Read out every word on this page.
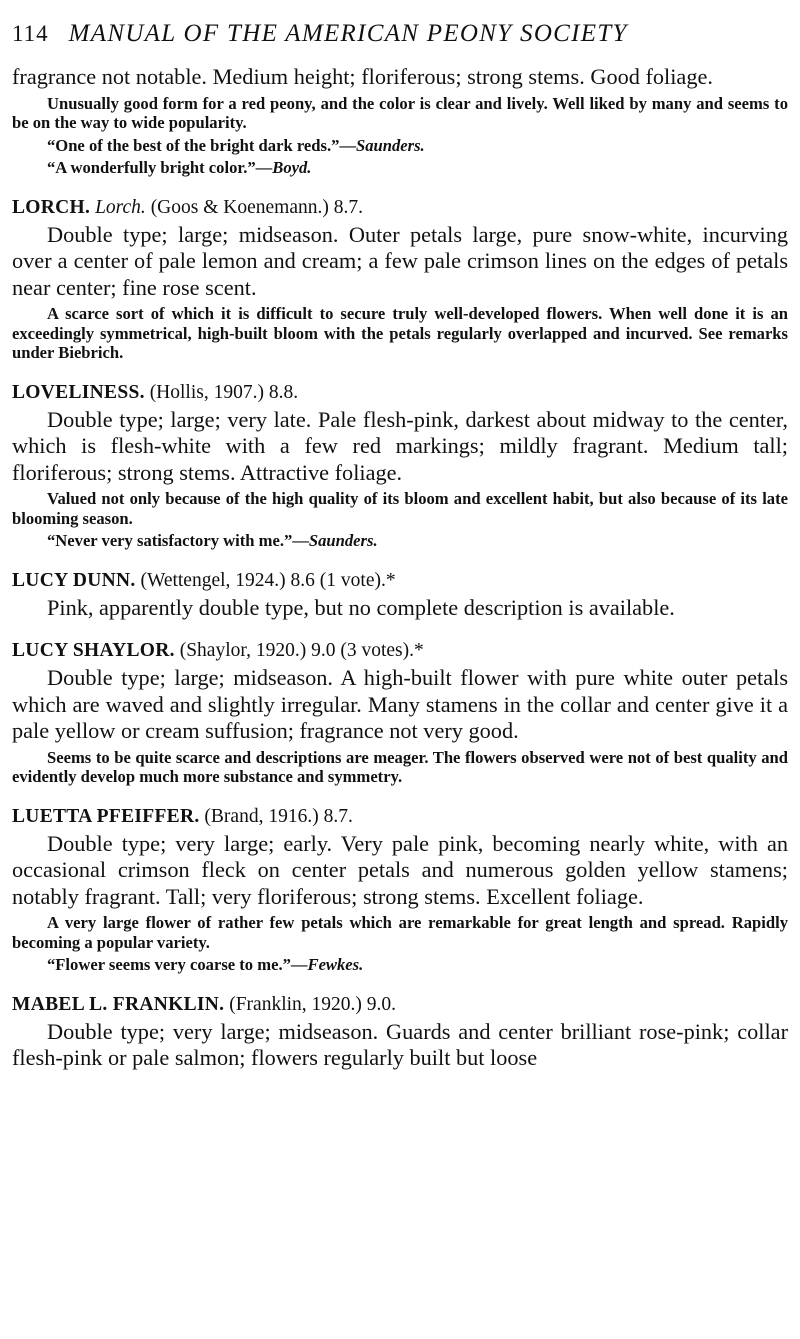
114 MANUAL OF THE AMERICAN PEONY SOCIETY

fragrance not notable. Medium height; floriferous; strong stems. Good foliage.

Unusually good form for a red peony, and the color is clear and lively. Well liked by many and seems to be on the way to wide popularity.

“One of the best of the bright dark reds.”—Saunders.

“A wonderfully bright color.”—Boyd.

LORCH. Lorch. (Goos & Koenemann.) 8.7.

Double type; large; midseason. Outer petals large, pure snow-white, incurving over a center of pale lemon and cream; a few pale crimson lines on the edges of petals near center; fine rose scent.

A scarce sort of which it is difficult to secure truly well-developed flowers. When well done it is an exceedingly symmetrical, high-built bloom with the petals regularly overlapped and incurved. See remarks under Biebrich.

LOVELINESS. (Hollis, 1907.) 8.8.

Double type; large; very late. Pale flesh-pink, darkest about midway to the center, which is flesh-white with a few red markings; mildly fragrant. Medium tall; floriferous; strong stems. Attractive foliage.

Valued not only because of the high quality of its bloom and excellent habit, but also because of its late blooming season.

“Never very satisfactory with me.”—Saunders.

LUCY DUNN. (Wettengel, 1924.) 8.6 (1 vote).*

Pink, apparently double type, but no complete description is available.

LUCY SHAYLOR. (Shaylor, 1920.) 9.0 (3 votes).*

Double type; large; midseason. A high-built flower with pure white outer petals which are waved and slightly irregular. Many stamens in the collar and center give it a pale yellow or cream suffusion; fragrance not very good.

Seems to be quite scarce and descriptions are meager. The flowers observed were not of best quality and evidently develop much more substance and symmetry.

LUETTA PFEIFFER. (Brand, 1916.) 8.7.

Double type; very large; early. Very pale pink, becoming nearly white, with an occasional crimson fleck on center petals and numerous golden yellow stamens; notably fragrant. Tall; very floriferous; strong stems. Excellent foliage.

A very large flower of rather few petals which are remarkable for great length and spread. Rapidly becoming a popular variety.

“Flower seems very coarse to me.”—Fewkes.

MABEL L. FRANKLIN. (Franklin, 1920.) 9.0.

Double type; very large; midseason. Guards and center brilliant rose-pink; collar flesh-pink or pale salmon; flowers regularly built but loose
